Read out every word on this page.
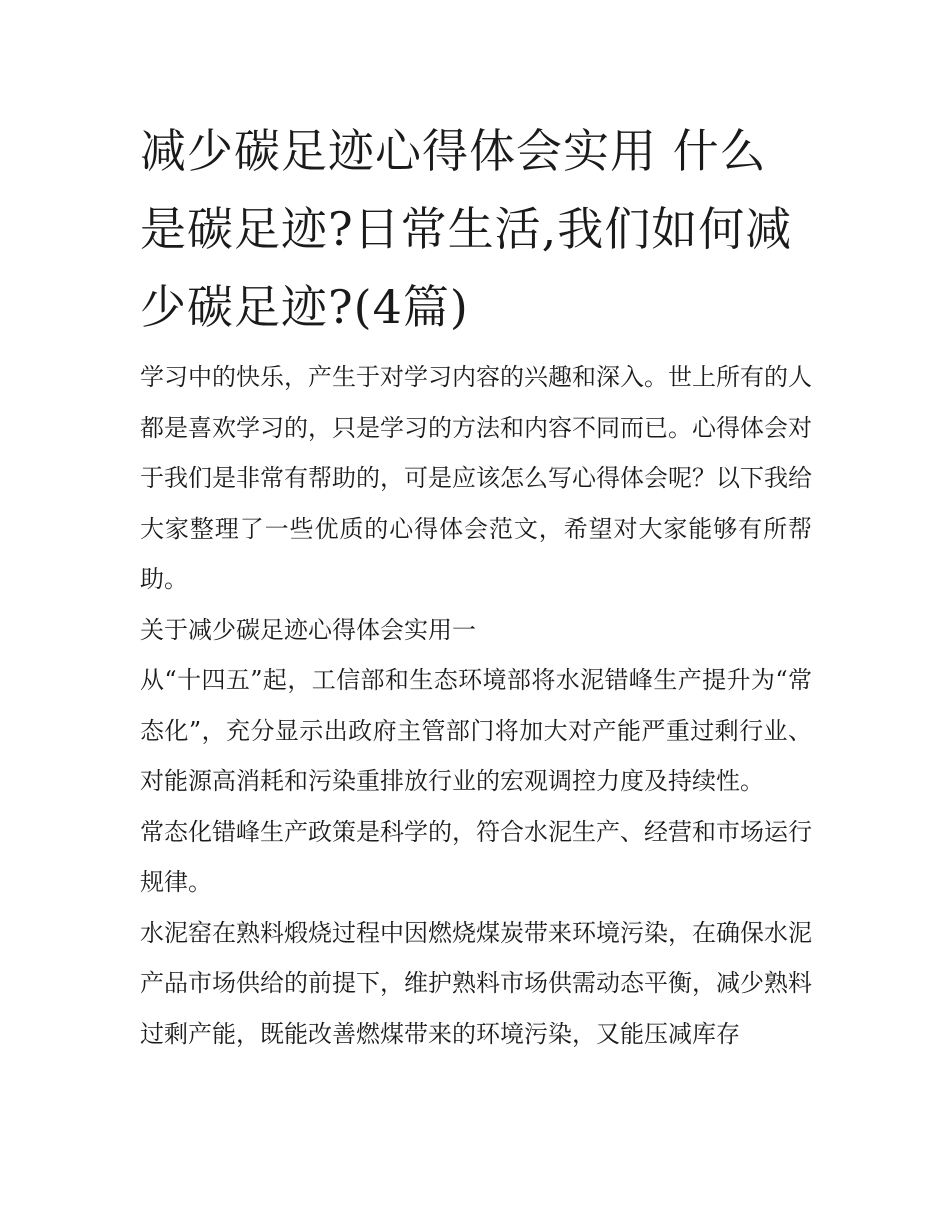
减少碳足迹心得体会实用 什么是碳足迹?日常生活,我们如何减少碳足迹?(4篇)

学习中的快乐，产生于对学习内容的兴趣和深入。世上所有的人都是喜欢学习的，只是学习的方法和内容不同而已。心得体会对于我们是非常有帮助的，可是应该怎么写心得体会呢？以下我给大家整理了一些优质的心得体会范文，希望对大家能够有所帮助。

关于减少碳足迹心得体会实用一

从“十四五”起，工信部和生态环境部将水泥错峰生产提升为“常态化”，充分显示出政府主管部门将加大对产能严重过剩行业、对能源高消耗和污染重排放行业的宏观调控力度及持续性。

常态化错峰生产政策是科学的，符合水泥生产、经营和市场运行规律。

水泥窑在熟料煅烧过程中因燃烧煤炭带来环境污染，在确保水泥产品市场供给的前提下，维护熟料市场供需动态平衡，减少熟料过剩产能，既能改善燃煤带来的环境污染，又能压减库存
